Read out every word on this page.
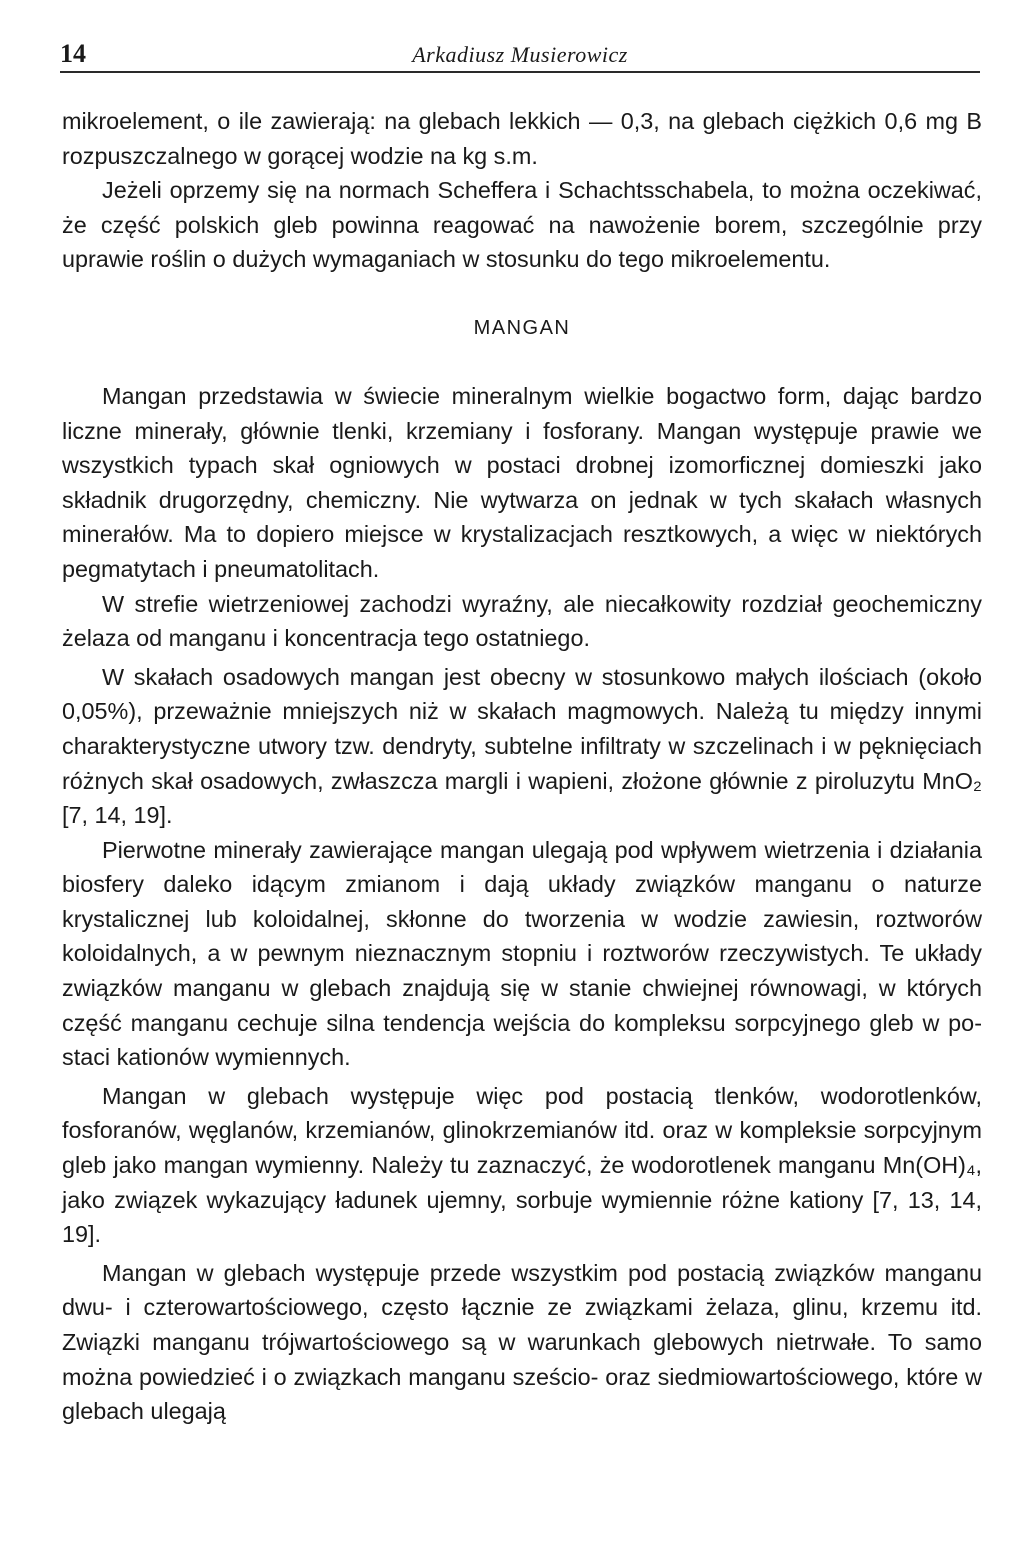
14	Arkadiusz Musierowicz

mikroelement, o ile zawierają: na glebach lekkich — 0,3, na glebach ciężkich 0,6 mg B rozpuszczalnego w gorącej wodzie na kg s.m.

Jeżeli oprzemy się na normach Scheffera i Schachtsschabela, to można oczekiwać, że część polskich gleb powinna reagować na nawożenie borem, szczególnie przy uprawie roślin o dużych wymaganiach w stosunku do tego mikroelementu.

MANGAN

Mangan przedstawia w świecie mineralnym wielkie bogactwo form, dając bardzo liczne minerały, głównie tlenki, krzemiany i fosforany. Mangan występuje prawie we wszystkich typach skał ogniowych w postaci drobnej izomorficznej domieszki jako składnik drugorzędny, chemiczny. Nie wytwarza on jednak w tych skałach własnych minerałów. Ma to dopiero miejsce w krystalizacjach resztkowych, a więc w niektórych pegmatytach i pneumatolitach.

W strefie wietrzeniowej zachodzi wyraźny, ale niecałkowity rozdział geochemiczny żelaza od manganu i koncentracja tego ostatniego.

W skałach osadowych mangan jest obecny w stosunkowo małych ilościach (około 0,05%), przeważnie mniejszych niż w skałach magmowych. Należą tu między innymi charakterystyczne utwory tzw. dendryty, subtelne infiltraty w szczelinach i w pęknięciach różnych skał osadowych, zwłaszcza margli i wapieni, złożone głównie z piroluzytu MnO₂ [7, 14, 19].

Pierwotne minerały zawierające mangan ulegają pod wpływem wietrzenia i działania biosfery daleko idącym zmianom i dają układy związków manganu o naturze krystalicznej lub koloidalnej, skłonne do tworzenia w wodzie zawiesin, roztworów koloidalnych, a w pewnym nieznacznym stopniu i roztworów rzeczywistych. Te układy związków manganu w glebach znajdują się w stanie chwiejnej równowagi, w których część manganu cechuje silna tendencja wejścia do kompleksu sorpcyjnego gleb w postaci kationów wymiennych.

Mangan w glebach występuje więc pod postacią tlenków, wodorotlenków, fosforanów, węglanów, krzemianów, glinokrzemianów itd. oraz w kompleksie sorpcyjnym gleb jako mangan wymienny. Należy tu zaznaczyć, że wodorotlenek manganu Mn(OH)₄, jako związek wykazujący ładunek ujemny, sorbuje wymiennie różne kationy [7, 13, 14, 19].

Mangan w glebach występuje przede wszystkim pod postacią związków manganu dwu- i czterowartościowego, często łącznie ze związkami żelaza, glinu, krzemu itd. Związki manganu trójwartościowego są w warunkach glebowych nietrwałe. To samo można powiedzieć i o związkach manganu sześcio- oraz siedmiowartościowego, które w glebach ulegają
